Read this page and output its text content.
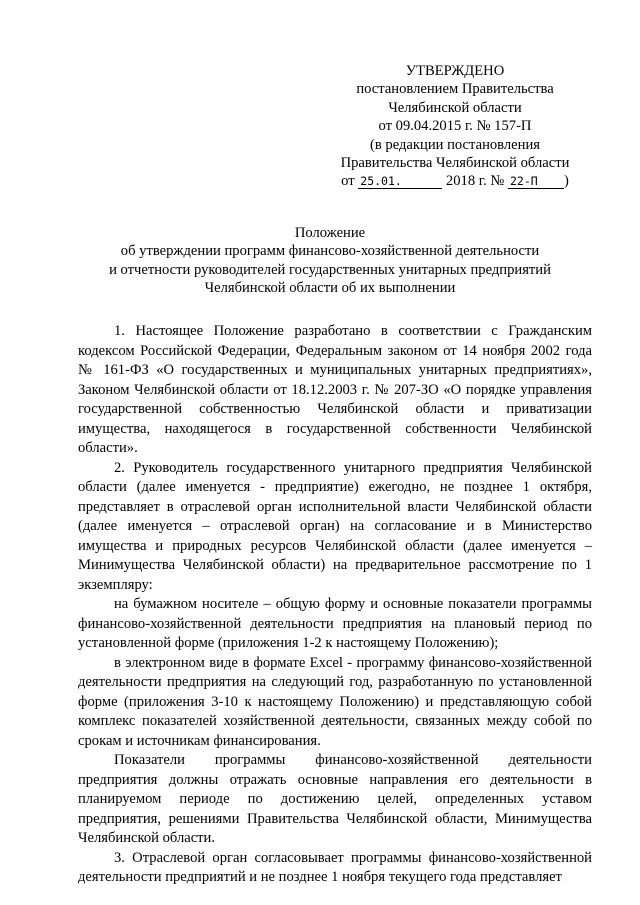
УТВЕРЖДЕНО
постановлением Правительства
Челябинской области
от 09.04.2015 г. № 157-П
(в редакции постановления
Правительства Челябинской области
от 25.01.	2018 г. № 22-П )
Положение
об утверждении программ финансово-хозяйственной деятельности
и отчетности руководителей государственных унитарных предприятий
Челябинской области об их выполнении

1. Настоящее Положение разработано в соответствии с Гражданским кодексом Российской Федерации, Федеральным законом от 14 ноября 2002 года № 161-ФЗ «О государственных и муниципальных унитарных предприятиях», Законом Челябинской области от 18.12.2003 г. № 207-ЗО «О порядке управления государственной собственностью Челябинской области и приватизации имущества, находящегося в государственной собственности Челябинской области».

2. Руководитель государственного унитарного предприятия Челябинской области (далее именуется - предприятие) ежегодно, не позднее 1 октября, представляет в отраслевой орган исполнительной власти Челябинской области (далее именуется – отраслевой орган) на согласование и в Министерство имущества и природных ресурсов Челябинской области (далее именуется – Минимущества Челябинской области) на предварительное рассмотрение по 1 экземпляру:

на бумажном носителе – общую форму и основные показатели программы финансово-хозяйственной деятельности предприятия на плановый период по установленной форме (приложения 1-2 к настоящему Положению);

в электронном виде в формате Excel - программу финансово-хозяйственной деятельности предприятия на следующий год, разработанную по установленной форме (приложения 3-10 к настоящему Положению) и представляющую собой комплекс показателей хозяйственной деятельности, связанных между собой по срокам и источникам финансирования.

Показатели программы финансово-хозяйственной деятельности предприятия должны отражать основные направления его деятельности в планируемом периоде по достижению целей, определенных уставом предприятия, решениями Правительства Челябинской области, Минимущества Челябинской области.

3. Отраслевой орган согласовывает программы финансово-хозяйственной деятельности предприятий и не позднее 1 ноября текущего года представляет
